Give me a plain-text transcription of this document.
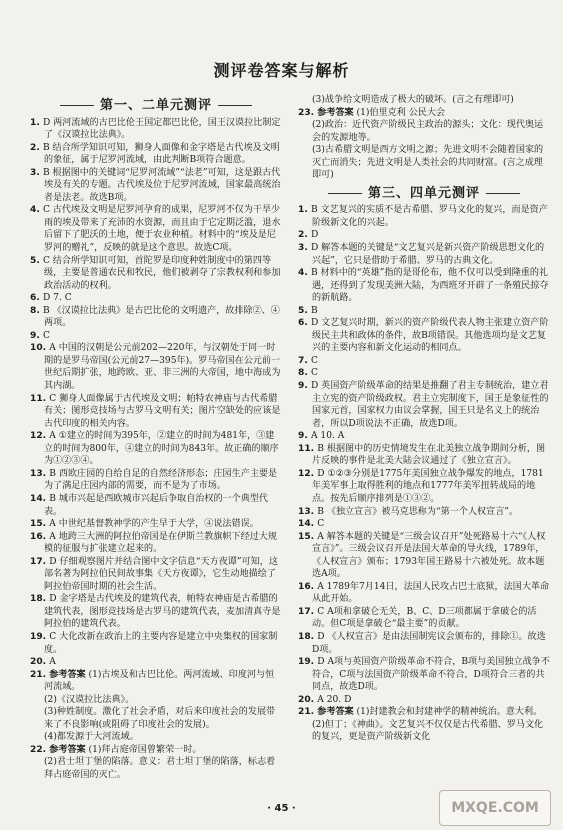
测评卷答案与解析
第一、二单元测评

1. D 两河流域的古巴比伦王国定都巴比伦，国王汉谟拉比制定了《汉谟拉比法典》。

2. B 结合所学知识可知，狮身人面像和金字塔是古代埃及文明的象征，属于尼罗河流域，由此判断B项符合题意。

3. B 根据图中的关键词“尼罗河流域”“法老”可知，这是跟古代埃及有关的专题。古代埃及位于尼罗河流域，国家最高统治者是法老。故选B项。

4. C 古代埃及文明是尼罗河孕育的成果，尼罗河不仅为干旱少雨的埃及带来了充沛的水资源，而且由于它定期泛滥，退水后留下了肥沃的土地，便于农业种植。材料中的“埃及是尼罗河的赠礼”，反映的就是这个意思。故选C项。

5. C 结合所学知识可知，首陀罗是印度种姓制度中的第四等级，主要是普通农民和牧民，他们被剥夺了宗教权利和参加政治活动的权利。

6. D 7. C

8. B 《汉谟拉比法典》是古巴比伦的文明遗产，故排除②、④两项。

9. C

10. A 中国的汉朝是公元前202—220年，与汉朝处于同一时期的是罗马帝国(公元前27—395年)。罗马帝国在公元前一世纪后期扩张，地跨欧、亚、非三洲的大帝国，地中海成为其内湖。

11. C 狮身人面像属于古代埃及文明；帕特农神庙与古代希腊有关；图形竞技场与古罗马文明有关；图片空缺处的应该是古代印度的相关内容。

12. A ①建立的时间为395年，②建立的时间为481年，③建立的时间为800年，④建立的时间为843年。故正确的顺序为①②③④。

13. B 西欧庄园的自给自足的自然经济形态；庄园生产主要是为了满足庄园内部的需要，而不是为了市场。

14. B 城市兴起是西欧城市兴起后争取自治权的一个典型代表。

15. A 中世纪基督教神学的产生早于大学，④说法错误。

16. A 地跨三大洲的阿拉伯帝国是在伊斯兰教旗帜下经过大规模的征服与扩张建立起来的。

17. D 仔细观察图片并结合图中文字信息“天方夜谭”可知，这部名著为阿拉伯民间故事集《天方夜谭》，它生动地描绘了阿拉伯帝国时期的社会生活。

18. D 金字塔是古代埃及的建筑代表，帕特农神庙是古希腊的建筑代表，图形竞技场是古罗马的建筑代表，麦加清真寺是阿拉伯的建筑代表。

19. C 大化改新在政治上的主要内容是建立中央集权的国家制度。

20. A

21. 参考答案 (1)古埃及和古巴比伦。两河流域、印度河与恒河流域。

(2)《汉谟拉比法典》。

(3)种姓制度。激化了社会矛盾，对后来印度社会的发展带来了不良影响(或阻碍了印度社会的发展)。

(4)都发源于大河流域。

22. 参考答案 (1)拜占庭帝国曾繁荣一时。

(2)君士坦丁堡的陷落。意义：君士坦丁堡的陷落，标志着拜占庭帝国的灭亡。

(3)战争给文明造成了极大的破坏。(言之有理即可)

23. 参考答案 (1)伯里克利 公民大会

(2)政治：近代资产阶级民主政治的源头；文化：现代奥运会的发源地等。

(3)古希腊文明是西方文明之源；先进文明不会随着国家的灭亡而消失；先进文明是人类社会的共同财富。(言之成理即可)

第三、四单元测评

1. B 文艺复兴的实质不是古希腊、罗马文化的复兴，而是资产阶级新文化的兴起。

2. D

3. D 解答本题的关键是“文艺复兴是新兴资产阶级思想文化的兴起”，它只是借助于希腊、罗马的古典文化。

4. B 材料中的“英雄”指的是哥伦布，他不仅可以受到隆重的礼遇，还得到了发现美洲大陆，为西班牙开辟了一条殖民掠夺的新航路。

5. B

6. D 文艺复兴时期，新兴的资产阶级代表人物主张建立资产阶级民主共和政体的条件，故B项错误。其他选项均是文艺复兴的主要内容和新文化运动的相同点。

7. C

8. C

9. D 英国资产阶级革命的结果是推翻了君主专制统治，建立君主立宪的资产阶级政权。君主立宪制度下，国王是象征性的国家元首，国家权力由议会掌握，国王只是名义上的统治者，所以D项说法不正确，故选D项。

9. A 10. A

11. B 根据图中的历史情境发生在北美独立战争期间分析，图片反映的事件是北美大陆会议通过了《独立宣言》。

12. D ①②③分别是1775年美国独立战争爆发的地点，1781年美军事上取得胜利的地点和1777年美军扭转战局的地点。按先后顺序排列是①③②。

13. B 《独立宣言》被马克思称为“第一个人权宣言”。

14. C

15. A 解答本题的关键是“三级会议召开”处死路易十六“《人权宣言》”。三级会议召开是法国大革命的导火线，1789年，《人权宣言》颁布；1793年国王路易十六被处死。故本题选A项。

16. A 1789年7月14日，法国人民攻占巴士底狱，法国大革命从此开始。

17. C A项和拿破仑无关，B、C、D三项都属于拿破仑的活动。但C项是拿破仑“最主要”的贡献。

18. D 《人权宣言》是由法国制宪议会颁布的，排除①。故选D项。

19. D A项与英国资产阶级革命不符合，B项与美国独立战争不符合，C项与法国资产阶级革命不符合，D项符合三者的共同点，故选D项。

20. A 20. D

21. 参考答案 (1)封建教会和封建神学的精神统治。意大利。

(2)但丁；《神曲》。文艺复兴不仅仅是古代希腊、罗马文化的复兴，更是资产阶级新文化

· 45 ·	MXQE.COM
